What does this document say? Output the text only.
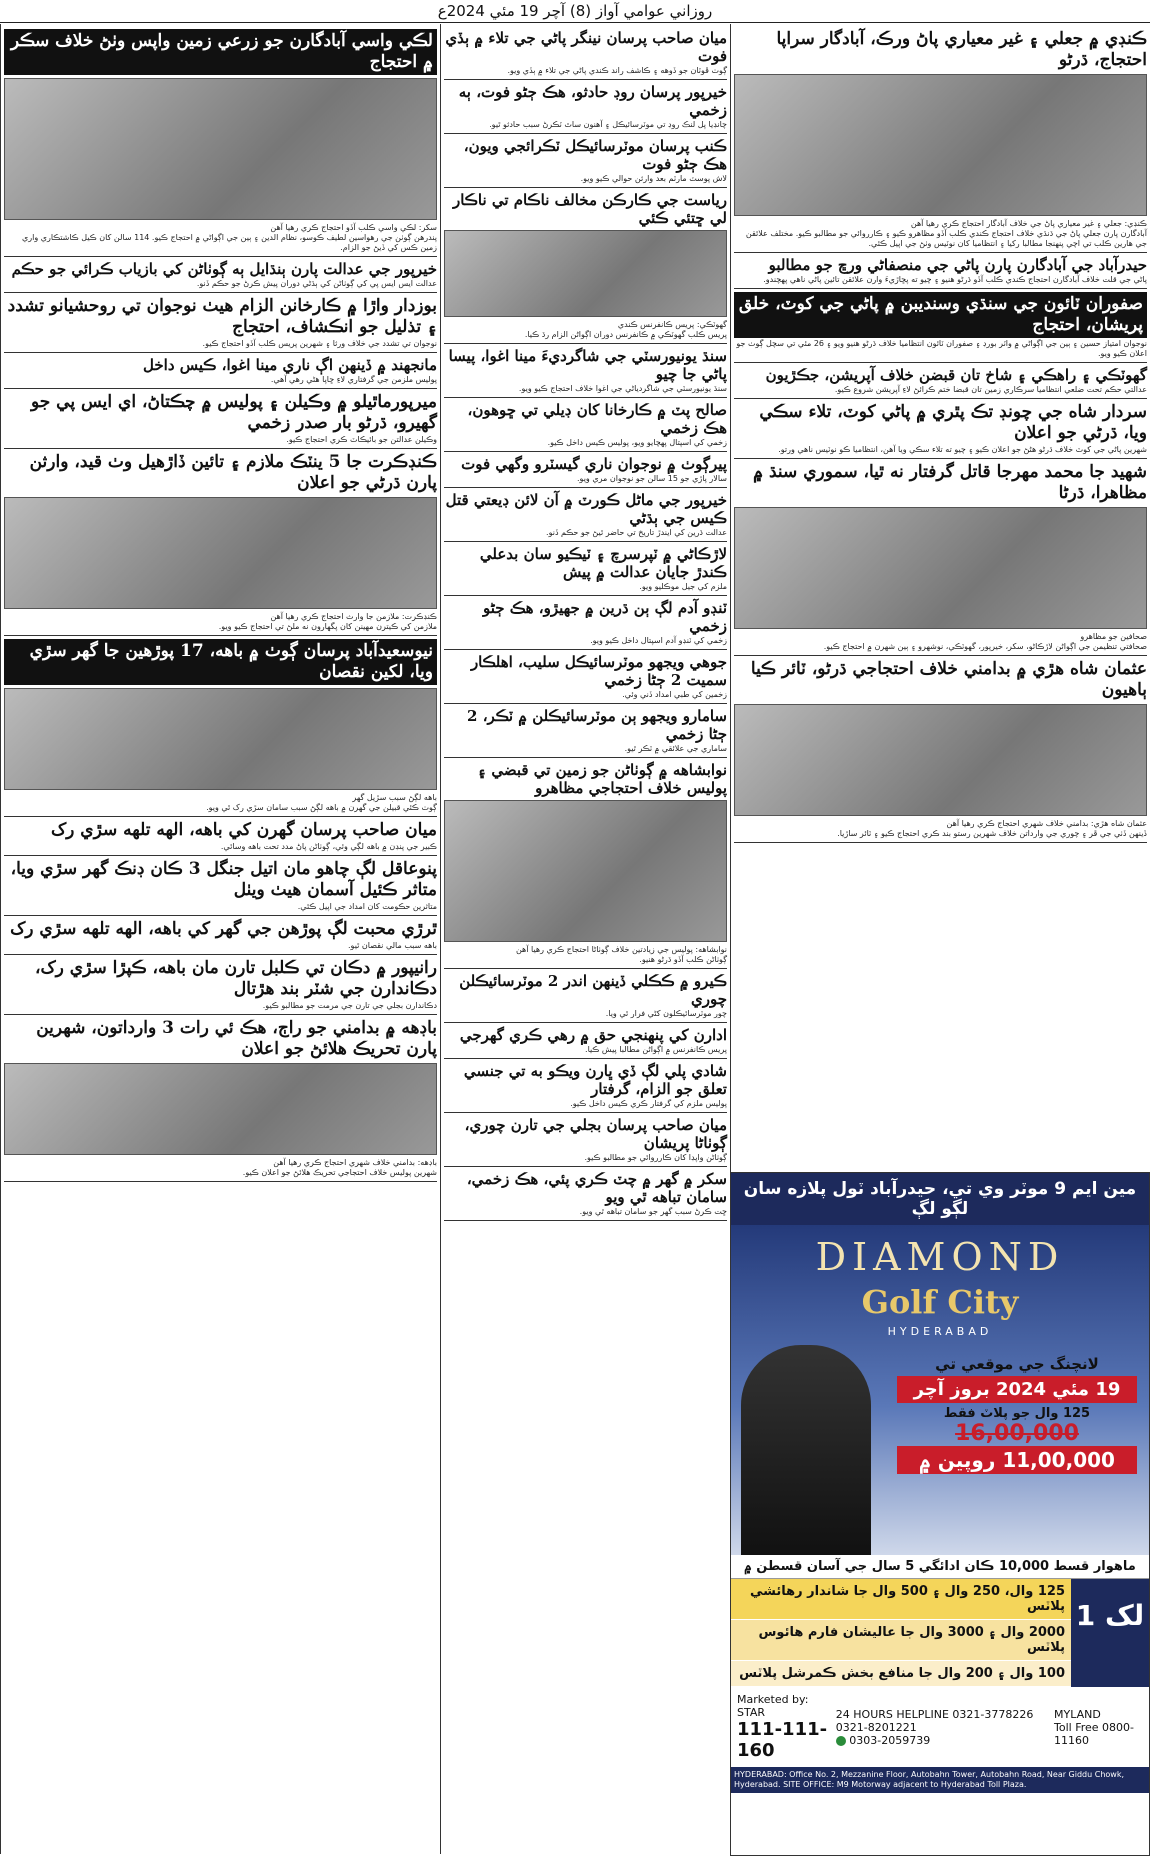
روزاني عوامي آواز (8) آچر 19 مئي 2024ع
ڪنڊي ۾ جعلي ۽ غير معياري پاڻ ورڪ، آبادگار سراپا احتجاج، ڌرڻو
ڪنڊي: جعلي ۽ غير معياري پاڻ جي خلاف آبادگار احتجاج ڪري رهيا آهن
آبادگارن پارن جعلي پاڻ جي ڌنڌي خلاف احتجاج ڪندي ڪلب آڏو مظاهرو ڪيو ۽ ڪارروائي جو مطالبو ڪيو. مختلف علائقن جي هارين ڪلب تي اچي پنهنجا مطالبا رکيا ۽ انتظاميا کان نوٽيس وٺڻ جي اپيل ڪئي.
حيدرآباد جي آبادگارن پارن پاڻي جي منصفاڻي ورڇ جو مطالبو
پاڻي جي قلت خلاف آبادگارن احتجاج ڪندي ڪلب آڏو ڌرڻو هنيو ۽ چيو ته پڇاڙيءَ وارن علائقن تائين پاڻي ناهي پهچندو.
صفوران ٽائون جي سنڌي وسنديبن ۾ پاڻي جي کوٽ، خلق پريشان، احتجاج
نوجوان امتياز حسين ۽ ٻين جي اڳواڻي ۾ واٽر بورڊ ۽ صفوران ٽائون انتظاميا خلاف ڌرڻو هنيو ويو ۽ 26 مئي تي سچل ڳوٺ جو اعلان ڪيو ويو.
گهوٽڪي ۽ راهڪي ۽ شاخ تان قبضن خلاف آپريشن، جڪڙيون
عدالتي حڪم تحت ضلعي انتظاميا سرڪاري زمين تان قبضا ختم ڪرائڻ لاءِ آپريشن شروع ڪيو.
سردار شاه جي چونڊ تڪ پٿري ۾ پاڻي کوٽ، تلاء سڪي ويا، ڌرڻي جو اعلان
شهرين پاڻي جي کوٽ خلاف ڌرڻو هڻڻ جو اعلان ڪيو ۽ چيو ته تلاء سڪي ويا آهن، انتظاميا ڪو نوٽيس ناهي ورتو.
شهيد جا محمد مهرجا قاتل گرفتار نه ٿيا، سموري سنڌ ۾ مظاهرا، ڌرڻا
صحافين جو مظاهرو
صحافتي تنظيمن جي اڳواڻن لاڙڪاڻو، سکر، خيرپور، گهوٽڪي، نوشهرو ۽ ٻين شهرن ۾ احتجاج ڪيو.
عثمان شاه هڙي ۾ بدامني خلاف احتجاجي ڌرڻو، ٽائر ڪيا ٻاهيون
عثمان شاه هڙي: بدامني خلاف شهري احتجاج ڪري رهيا آهن
ڏينهن ڏٺي جي ڦر ۽ چوري جي وارداتن خلاف شهرين رستو بند ڪري احتجاج ڪيو ۽ ٽائر ساڙيا.
ميان صاحب پرسان نينگر پاڻي جي تلاء ۾ ٻڏي فوت
ڳوٺ ڦوٽان جو ڏوهه ۽ ڪاشف راند ڪندي پاڻي جي تلاء ۾ ٻڏي ويو.
خيرپور پرسان روڊ حادثو، هڪ ڄڻو فوت، ٻه زخمي
چانڊيا پل لنڪ روڊ تي موٽرسائيڪل ۽ آهنون ساٿ ٽڪرڻ سبب حادثو ٿيو.
ڪنب پرسان موٽرسائيڪل ٽڪرائجي ويون، هڪ ڄڻو فوت
لاش پوسٽ مارٽم بعد وارثن حوالي ڪيو ويو.
رياست جي ڪارڪن مخالف ناڪام تي ناڪار لي ڇتئي ڪئي
گهوٽڪي: پريس ڪانفرنس ڪندي
پريس ڪلب گهوٽڪي ۾ ڪانفرنس دوران اڳواڻن الزام رڌ ڪيا.
سنڌ يونيورسٽي جي شاگرديءَ مينا اغوا، پيسا پاڻي جا چيو
سنڌ يونيورسٽي جي شاگردياڻي جي اغوا خلاف احتجاج ڪيو ويو.
صالح پٽ ۾ ڪارخانا کان ڊيلي تي ڇوهون، هڪ زخمي
زخمي کي اسپتال پهچايو ويو، پوليس ڪيس داخل ڪيو.
پيرڳوٺ ۾ نوجوان ناري گيسٽرو وگهي فوت
سالار پاڙي جو 15 سالن جو نوجوان مري ويو.
خيرپور جي ماڻل ڪورٽ ۾ آن لائن ڊيعتي قتل ڪيس جي ٻڌڻي
عدالت ڌرين کي ايندڙ تاريخ تي حاضر ٿيڻ جو حڪم ڏنو.
لاڙڪاڻي ۾ ٽپرسرچ ۽ ٽيڪيو سان بدعلي ڪندڙ جايان عدالت ۾ پيش
ملزم کي جيل موڪليو ويو.
ٽنڊو آدم لڳ ٻن ڌرين ۾ جهيڙو، هڪ ڄڻو زخمي
زخمي کي ٽنڊو آدم اسپتال داخل ڪيو ويو.
جوهي ويجهو موٽرسائيڪل سليب، اهلڪار سميت 2 ڄڻا زخمي
زخمين کي طبي امداد ڏني وئي.
سامارو ويجهو ٻن موٽرسائيڪلن ۾ ٽڪر، 2 ڄڻا زخمي
ساماري جي علائقي ۾ ٽڪر ٿيو.
نوابشاهه ۾ ڳوٺاڻن جو زمين تي قبضي ۽ پوليس خلاف احتجاجي مظاهرو
نوابشاهه: پوليس جي زيادتين خلاف ڳوٺاڻا احتجاج ڪري رهيا آهن
ڳوٺاڻن ڪلب آڏو ڌرڻو هنيو.
ڪيرو ۾ ڪڪلي ڏينهن اندر 2 موٽرسائيڪلن چوري
چور موٽرسائيڪلون کڻي فرار ٿي ويا.
ادارن کي پنهنجي حق ۾ رهي ڪري گهرجي
پريس ڪانفرنس ۾ اڳواڻن مطالبا پيش ڪيا.
شادي پلي لڳ ڏي ڀارن ويڪو به تي جنسي تعلق جو الزام، گرفتار
پوليس ملزم کي گرفتار ڪري ڪيس داخل ڪيو.
ميان صاحب پرسان بجلي جي تارن چوري، ڳوٺاڻا پريشان
ڳوٺاڻن واپڊا کان ڪارروائي جو مطالبو ڪيو.
سکر ۾ گهر ۾ چٽ ڪري پئي، هڪ زخمي، سامان تباهه ٿي ويو
ڇت ڪرڻ سبب گهر جو سامان تباهه ٿي ويو.
لڪي واسي آبادگارن جو زرعي زمين واپس وٺڻ خلاف سڪر ۾ احتجاج
سکر: لڪي واسي ڪلب آڏو احتجاج ڪري رهيا آهن
پندرهن ڳوٺن جي رهواسين لطيف ڪوسو، نظام الدين ۽ ٻين جي اڳواڻي ۾ احتجاج ڪيو. 114 سالن کان ڪيل ڪاشتڪاري واري زمين ڪس کي ڏيڻ جو الزام.
خيرپور جي عدالت پارن ٻنڌايل ٻه ڳوٺاڻن کي بازياب ڪرائي جو حڪم
عدالت ايس ايس پي کي ڳوٺاڻن کي ٻڌڻي دوران پيش ڪرڻ جو حڪم ڏنو.
بوزدار واڙا ۾ ڪارخانن الزام هيٺ نوجوان تي روحشيانو تشدد ۽ تذليل جو انڪشاف، احتجاج
نوجوان تي تشدد جي خلاف ورثا ۽ شهرين پريس ڪلب آڏو احتجاج ڪيو.
مانجهند ۾ ڏينهن اڳ ناري مينا اغوا، ڪيس داخل
پوليس ملزمن جي گرفتاري لاءِ ڇاپا هڻي رهي آهي.
ميرپورماٿيلو ۾ وڪيلن ۽ پوليس ۾ چڪتاڻ، اي ايس پي جو گهيرو، ڌرڻو بار صدر زخمي
وڪيلن عدالتن جو بائيڪاٽ ڪري احتجاج ڪيو.
ڪنڊڪرت جا 5 ينٽڪ ملازم ۽ تائين ڏاڙهيل وٺ قيد، وارثن پارن ڌرڻي جو اعلان
ڪنڊڪرت: ملازمن جا وارث احتجاج ڪري رهيا آهن
ملازمن کي ڪيترن مهينن کان پگهارون نه ملڻ تي احتجاج ڪيو ويو.
نيوسعيدآباد پرسان ڳوٺ ۾ باهه، 17 پوڙهين جا گهر سڙي ويا، لکين نقصان
باهه لڳڻ سبب سڙيل گهر
ڳوٺ ڪئي قبيلن جي گهرن ۾ باهه لڳڻ سبب سامان سڙي رک ٿي ويو.
ميان صاحب پرسان گهرن کي باهه، الهه تلهه سڙي رک
ڪبير جي پنڊن ۾ باهه لڳي وئي، ڳوٺاڻن پاڻ مدد تحت باهه وسائي.
پنوعاقل لڳ چاهو مان اتيل جنگل 3 ڪان ڊنڪ گهر سڙي ويا، متاثر ڪئيل آسمان هيٺ ويٺل
متاثرين حڪومت کان امداد جي اپيل ڪئي.
ٿرڙي محبت لڳ پوڙهن جي گهر کي باهه، الهه تلهه سڙي رک
باهه سبب مالي نقصان ٿيو.
رانيپور ۾ دڪان تي ڪلبل تارن مان باهه، ڪپڙا سڙي رک، دڪاندارن جي شٽر بند هڙتال
دڪاندارن بجلي جي تارن جي مرمت جو مطالبو ڪيو.
باڊهه ۾ بدامني جو راڄ، هڪ ئي رات 3 وارداتون، شهرين پارن تحريڪ هلائڻ جو اعلان
باڊهه: بدامني خلاف شهري احتجاج ڪري رهيا آهن
شهرين پوليس خلاف احتجاجي تحريڪ هلائڻ جو اعلان ڪيو.
مين ايم 9 موٽر وي تي، حيدرآباد ٽول پلازه سان لڳو لڳ
DIAMOND
Golf City
HYDERABAD
لانچنگ جي موقعي تي
19 مئي 2024 بروز آچر
125 وال جو پلاٽ فقط
16,00,000
11,00,000 روپين ۾
ماهوار قسط 10,000 ڪان ادائگي 5 سال جي آسان قسطن ۾
125 وال، 250 وال ۽ 500 وال جا شاندار رهائشي پلاٽس
2000 وال ۽ 3000 وال جا عاليشان فارم هائوس پلاٽس
100 وال ۽ 200 وال جا منافع بخش ڪمرشل پلاٽس
1 لک
Marketed by: STAR
111-111-160
24 HOURS HELPLINE 0321-3778226 0321-8201221
0303-2059739
MYLAND
Toll Free 0800-11160
HYDERABAD: Office No. 2, Mezzanine Floor, Autobahn Tower, Autobahn Road, Near Giddu Chowk, Hyderabad. SITE OFFICE: M9 Motorway adjacent to Hyderabad Toll Plaza.
